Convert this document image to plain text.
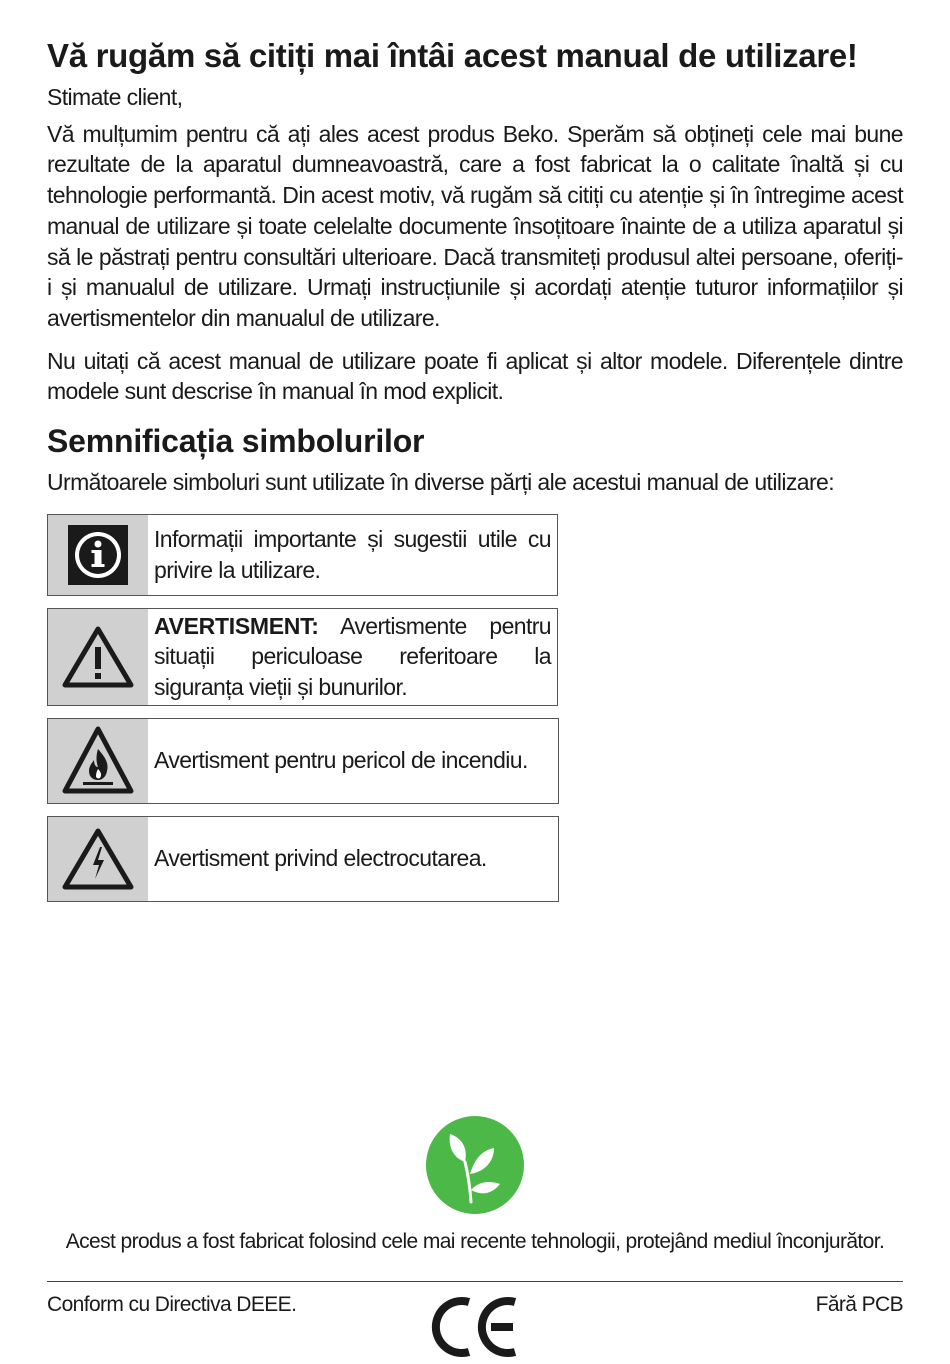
Vă rugăm să citiți mai întâi acest manual de utilizare!

Stimate client,

Vă mulțumim pentru că ați ales acest produs Beko. Sperăm să obțineți cele mai bune rezultate de la aparatul dumneavoastră, care a fost fabricat la o calitate înaltă și cu tehnologie performantă. Din acest motiv, vă rugăm să citiți cu atenție și în întregime acest manual de utilizare și toate celelalte documente însoțitoare înainte de a utiliza aparatul și să le păstrați pentru consultări ulterioare. Dacă transmiteți produsul altei persoane, oferiți-i și manualul de utilizare. Urmați instrucțiunile și acordați atenție tuturor informațiilor și avertismentelor din manualul de utilizare.

Nu uitați că acest manual de utilizare poate fi aplicat și altor modele. Diferențele dintre modele sunt descrise în manual în mod explicit.

Semnificația simbolurilor

Următoarele simboluri sunt utilizate în diverse părți ale acestui manual de utilizare:

Informații importante și sugestii utile cu privire la utilizare.
AVERTISMENT: Avertismente pentru situații periculoase referitoare la siguranța vieții și bunurilor.
Avertisment pentru pericol de incendiu.
Avertisment privind electrocutarea.
Acest produs a fost fabricat folosind cele mai recente tehnologii, protejând mediul înconjurător.
Conform cu Directiva DEEE.	Fără PCB
